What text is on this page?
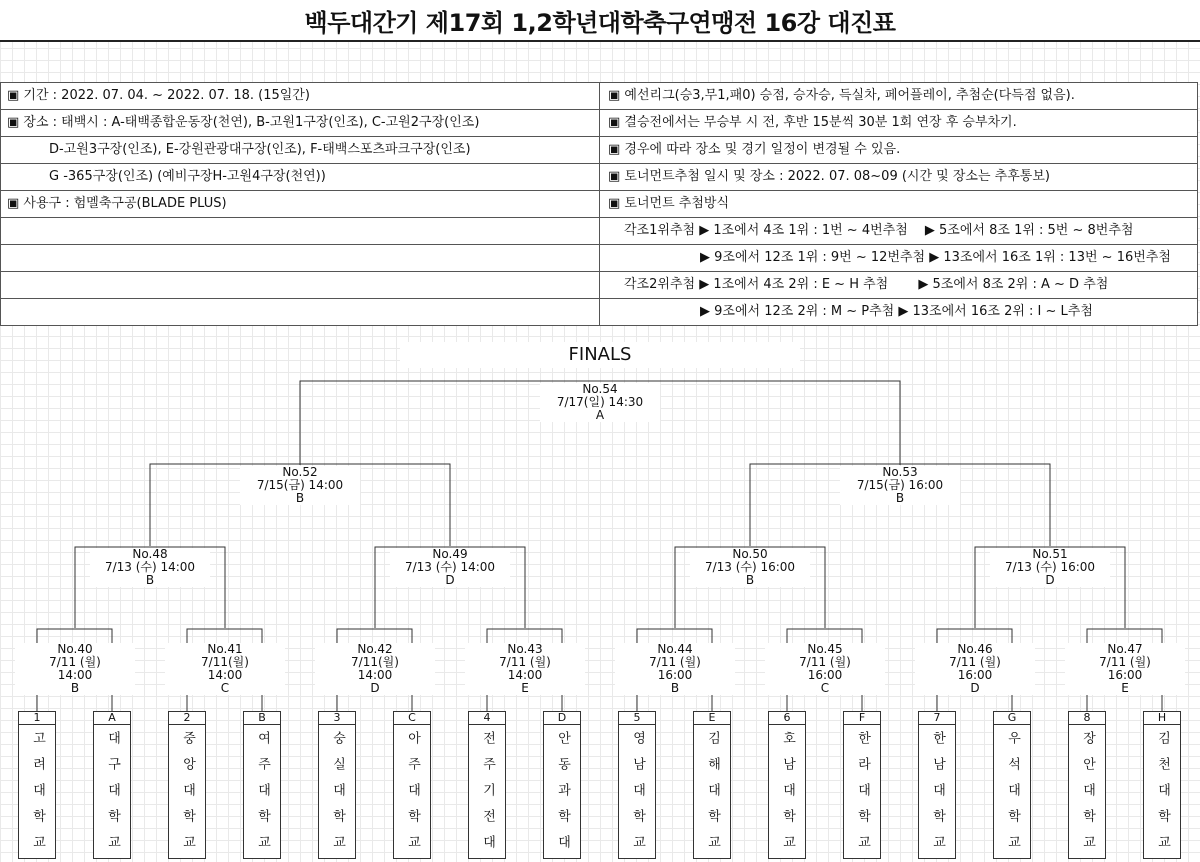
백두대간기 제17회 1,2학년대학축구연맹전 16강 대진표
▣ 기간 : 2022. 07. 04. ~ 2022. 07. 18. (15일간)
▣ 장소 : 태백시 : A-태백종합운동장(천연), B-고원1구장(인조), C-고원2구장(인조)
D-고원3구장(인조), E-강원관광대구장(인조), F-태백스포츠파크구장(인조)
G -365구장(인조) (예비구장H-고원4구장(천연))
▣ 사용구 : 험멜축구공(BLADE PLUS)
▣ 예선리그(승3,무1,패0) 승점, 승자승, 득실차, 페어플레이, 추첨순(다득점 없음).
▣ 결승전에서는 무승부 시 전, 후반 15분씩 30분 1회 연장 후 승부차기.
▣ 경우에 따라 장소 및 경기 일정이 변경될 수 있음.
▣ 토너먼트추첨 일시 및 장소 : 2022. 07. 08~09 (시간 및 장소는 추후통보)
▣ 토너먼트 추첨방식
각조1위추첨 ▶ 1조에서 4조 1위 : 1번 ~ 4번추첨　 ▶ 5조에서 8조 1위 : 5번 ~ 8번추첨
▶ 9조에서 12조 1위 : 9번 ~ 12번추첨 ▶ 13조에서 16조 1위 : 13번 ~ 16번추첨
각조2위추첨 ▶ 1조에서 4조 2위 : E ~ H 추첨　　 ▶ 5조에서 8조 2위 : A ~ D 추첨
▶ 9조에서 12조 2위 : M ~ P추첨 ▶ 13조에서 16조 2위 : I ~ L추첨
FINALS
No.54
7/17(일) 14:30
A
No.52
7/15(금) 14:00
B
No.53
7/15(금) 16:00
B
No.48
7/13 (수) 14:00
B
No.49
7/13 (수) 14:00
D
No.50
7/13 (수) 16:00
B
No.51
7/13 (수) 16:00
D
No.40
7/11 (월)
14:00
B
No.41
7/11(월)
14:00
C
No.42
7/11(월)
14:00
D
No.43
7/11 (월)
14:00
E
No.44
7/11 (월)
16:00
B
No.45
7/11 (월)
16:00
C
No.46
7/11 (월)
16:00
D
No.47
7/11 (월)
16:00
E
1
고려대학교
A
대구대학교
2
중앙대학교
B
여주대학교
3
숭실대학교
C
아주대학교
4
전주기전대
D
안동과학대
5
영남대학교
E
김해대학교
6
호남대학교
F
한라대학교
7
한남대학교
G
우석대학교
8
장안대학교
H
김천대학교
